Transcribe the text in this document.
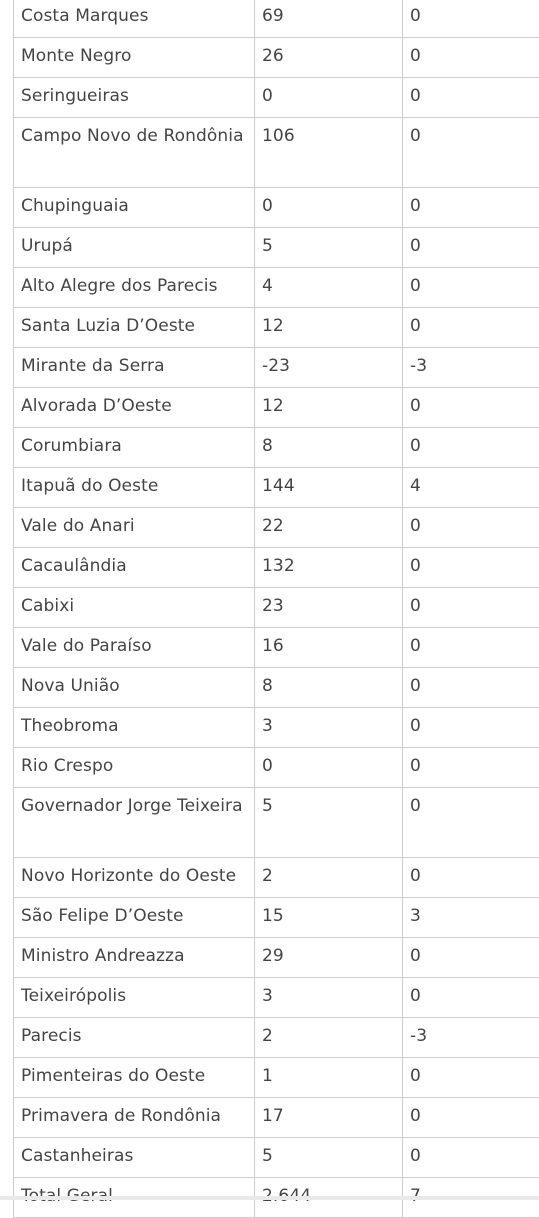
Costa Marques	69	0
Monte Negro	26	0
Seringueiras	0	0
Campo Novo de Rondônia	106	0
Chupinguaia	0	0
Urupá	5	0
Alto Alegre dos Parecis	4	0
Santa Luzia D’Oeste	12	0
Mirante da Serra	-23	-3
Alvorada D’Oeste	12	0
Corumbiara	8	0
Itapuã do Oeste	144	4
Vale do Anari	22	0
Cacaulândia	132	0
Cabixi	23	0
Vale do Paraíso	16	0
Nova União	8	0
Theobroma	3	0
Rio Crespo	0	0
Governador Jorge Teixeira	5	0
Novo Horizonte do Oeste	2	0
São Felipe D’Oeste	15	3
Ministro Andreazza	29	0
Teixeirópolis	3	0
Parecis	2	-3
Pimenteiras do Oeste	1	0
Primavera de Rondônia	17	0
Castanheiras	5	0
